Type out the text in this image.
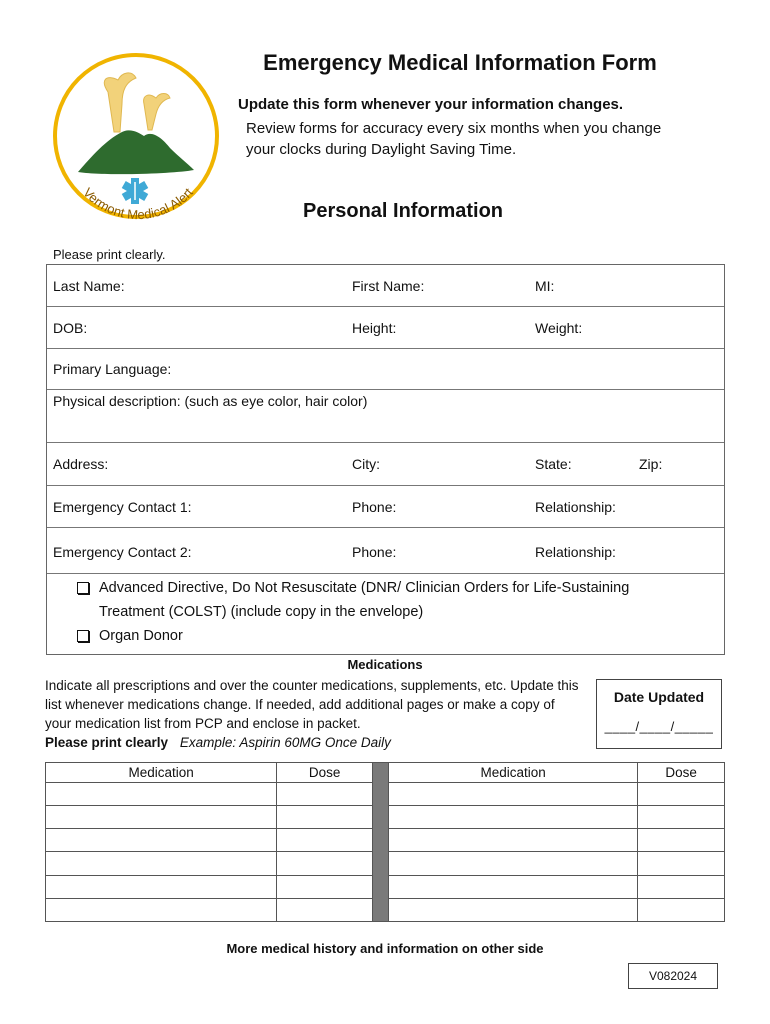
Vermont Medical Alert
Emergency Medical Information Form
Update this form whenever your information changes.
Review forms for accuracy every six months when you change your clocks during Daylight Saving Time.
Personal Information
Please print clearly.
Last Name:	First Name:	MI:
DOB:	Height:	Weight:
Primary Language:
Physical description: (such as eye color, hair color)
Address:	City:	State:	Zip:
Emergency Contact 1:	Phone:	Relationship:
Emergency Contact 2:	Phone:	Relationship:
Advanced Directive, Do Not Resuscitate (DNR/ Clinician Orders for Life-Sustaining Treatment (COLST) (include copy in the envelope)
Organ Donor
Medications
Indicate all prescriptions and over the counter medications, supplements, etc. Update this list whenever medications change. If needed, add additional pages or make a copy of your medication list from PCP and enclose in packet.
Please print clearly Example: Aspirin 60MG Once Daily
Date Updated
____/____/_____
Medication	Dose		Medication	Dose

More medical history and information on other side
V082024
